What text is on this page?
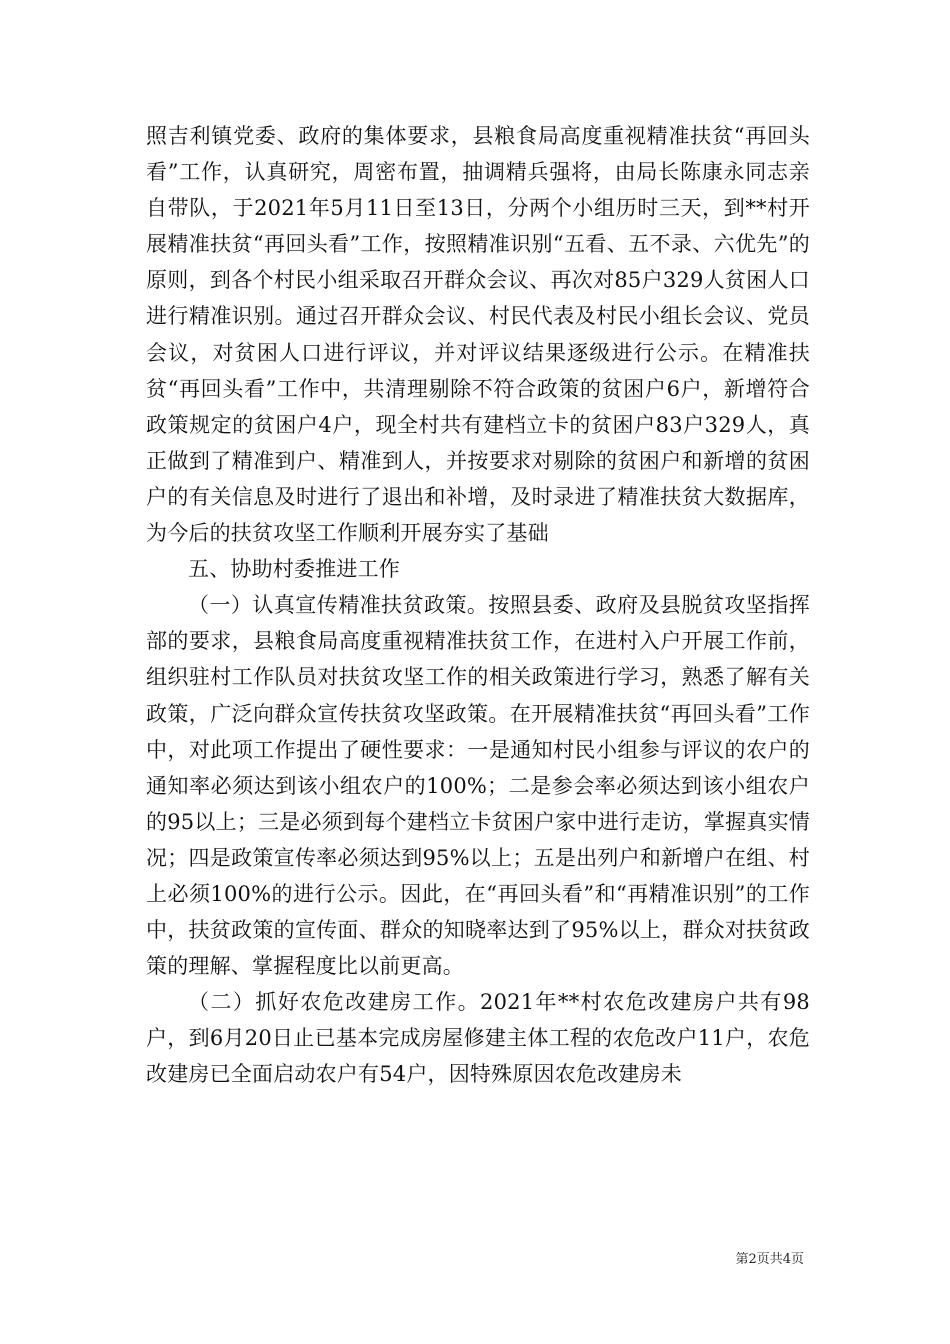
照吉利镇党委、政府的集体要求，县粮食局高度重视精准扶贫“再回头看”工作，认真研究，周密布置，抽调精兵强将，由局长陈康永同志亲自带队，于2021年5月11日至13日，分两个小组历时三天，到**村开展精准扶贫“再回头看”工作，按照精准识别“五看、五不录、六优先”的原则，到各个村民小组采取召开群众会议、再次对85户329人贫困人口进行精准识别。通过召开群众会议、村民代表及村民小组长会议、党员会议，对贫困人口进行评议，并对评议结果逐级进行公示。在精准扶贫“再回头看”工作中，共清理剔除不符合政策的贫困户6户，新增符合政策规定的贫困户4户，现全村共有建档立卡的贫困户83户329人，真正做到了精准到户、精准到人，并按要求对剔除的贫困户和新增的贫困户的有关信息及时进行了退出和补增，及时录进了精准扶贫大数据库，为今后的扶贫攻坚工作顺利开展夯实了基础

五、协助村委推进工作

（一）认真宣传精准扶贫政策。按照县委、政府及县脱贫攻坚指挥部的要求，县粮食局高度重视精准扶贫工作，在进村入户开展工作前，组织驻村工作队员对扶贫攻坚工作的相关政策进行学习，熟悉了解有关政策，广泛向群众宣传扶贫攻坚政策。在开展精准扶贫“再回头看”工作中，对此项工作提出了硬性要求：一是通知村民小组参与评议的农户的通知率必须达到该小组农户的100%；二是参会率必须达到该小组农户的95以上；三是必须到每个建档立卡贫困户家中进行走访，掌握真实情况；四是政策宣传率必须达到95%以上；五是出列户和新增户在组、村上必须100%的进行公示。因此，在“再回头看”和“再精准识别”的工作中，扶贫政策的宣传面、群众的知晓率达到了95%以上，群众对扶贫政策的理解、掌握程度比以前更高。

（二）抓好农危改建房工作。2021年**村农危改建房户共有98户，到6月20日止已基本完成房屋修建主体工程的农危改户11户，农危改建房已全面启动农户有54户，因特殊原因农危改建房未

第2页共4页
